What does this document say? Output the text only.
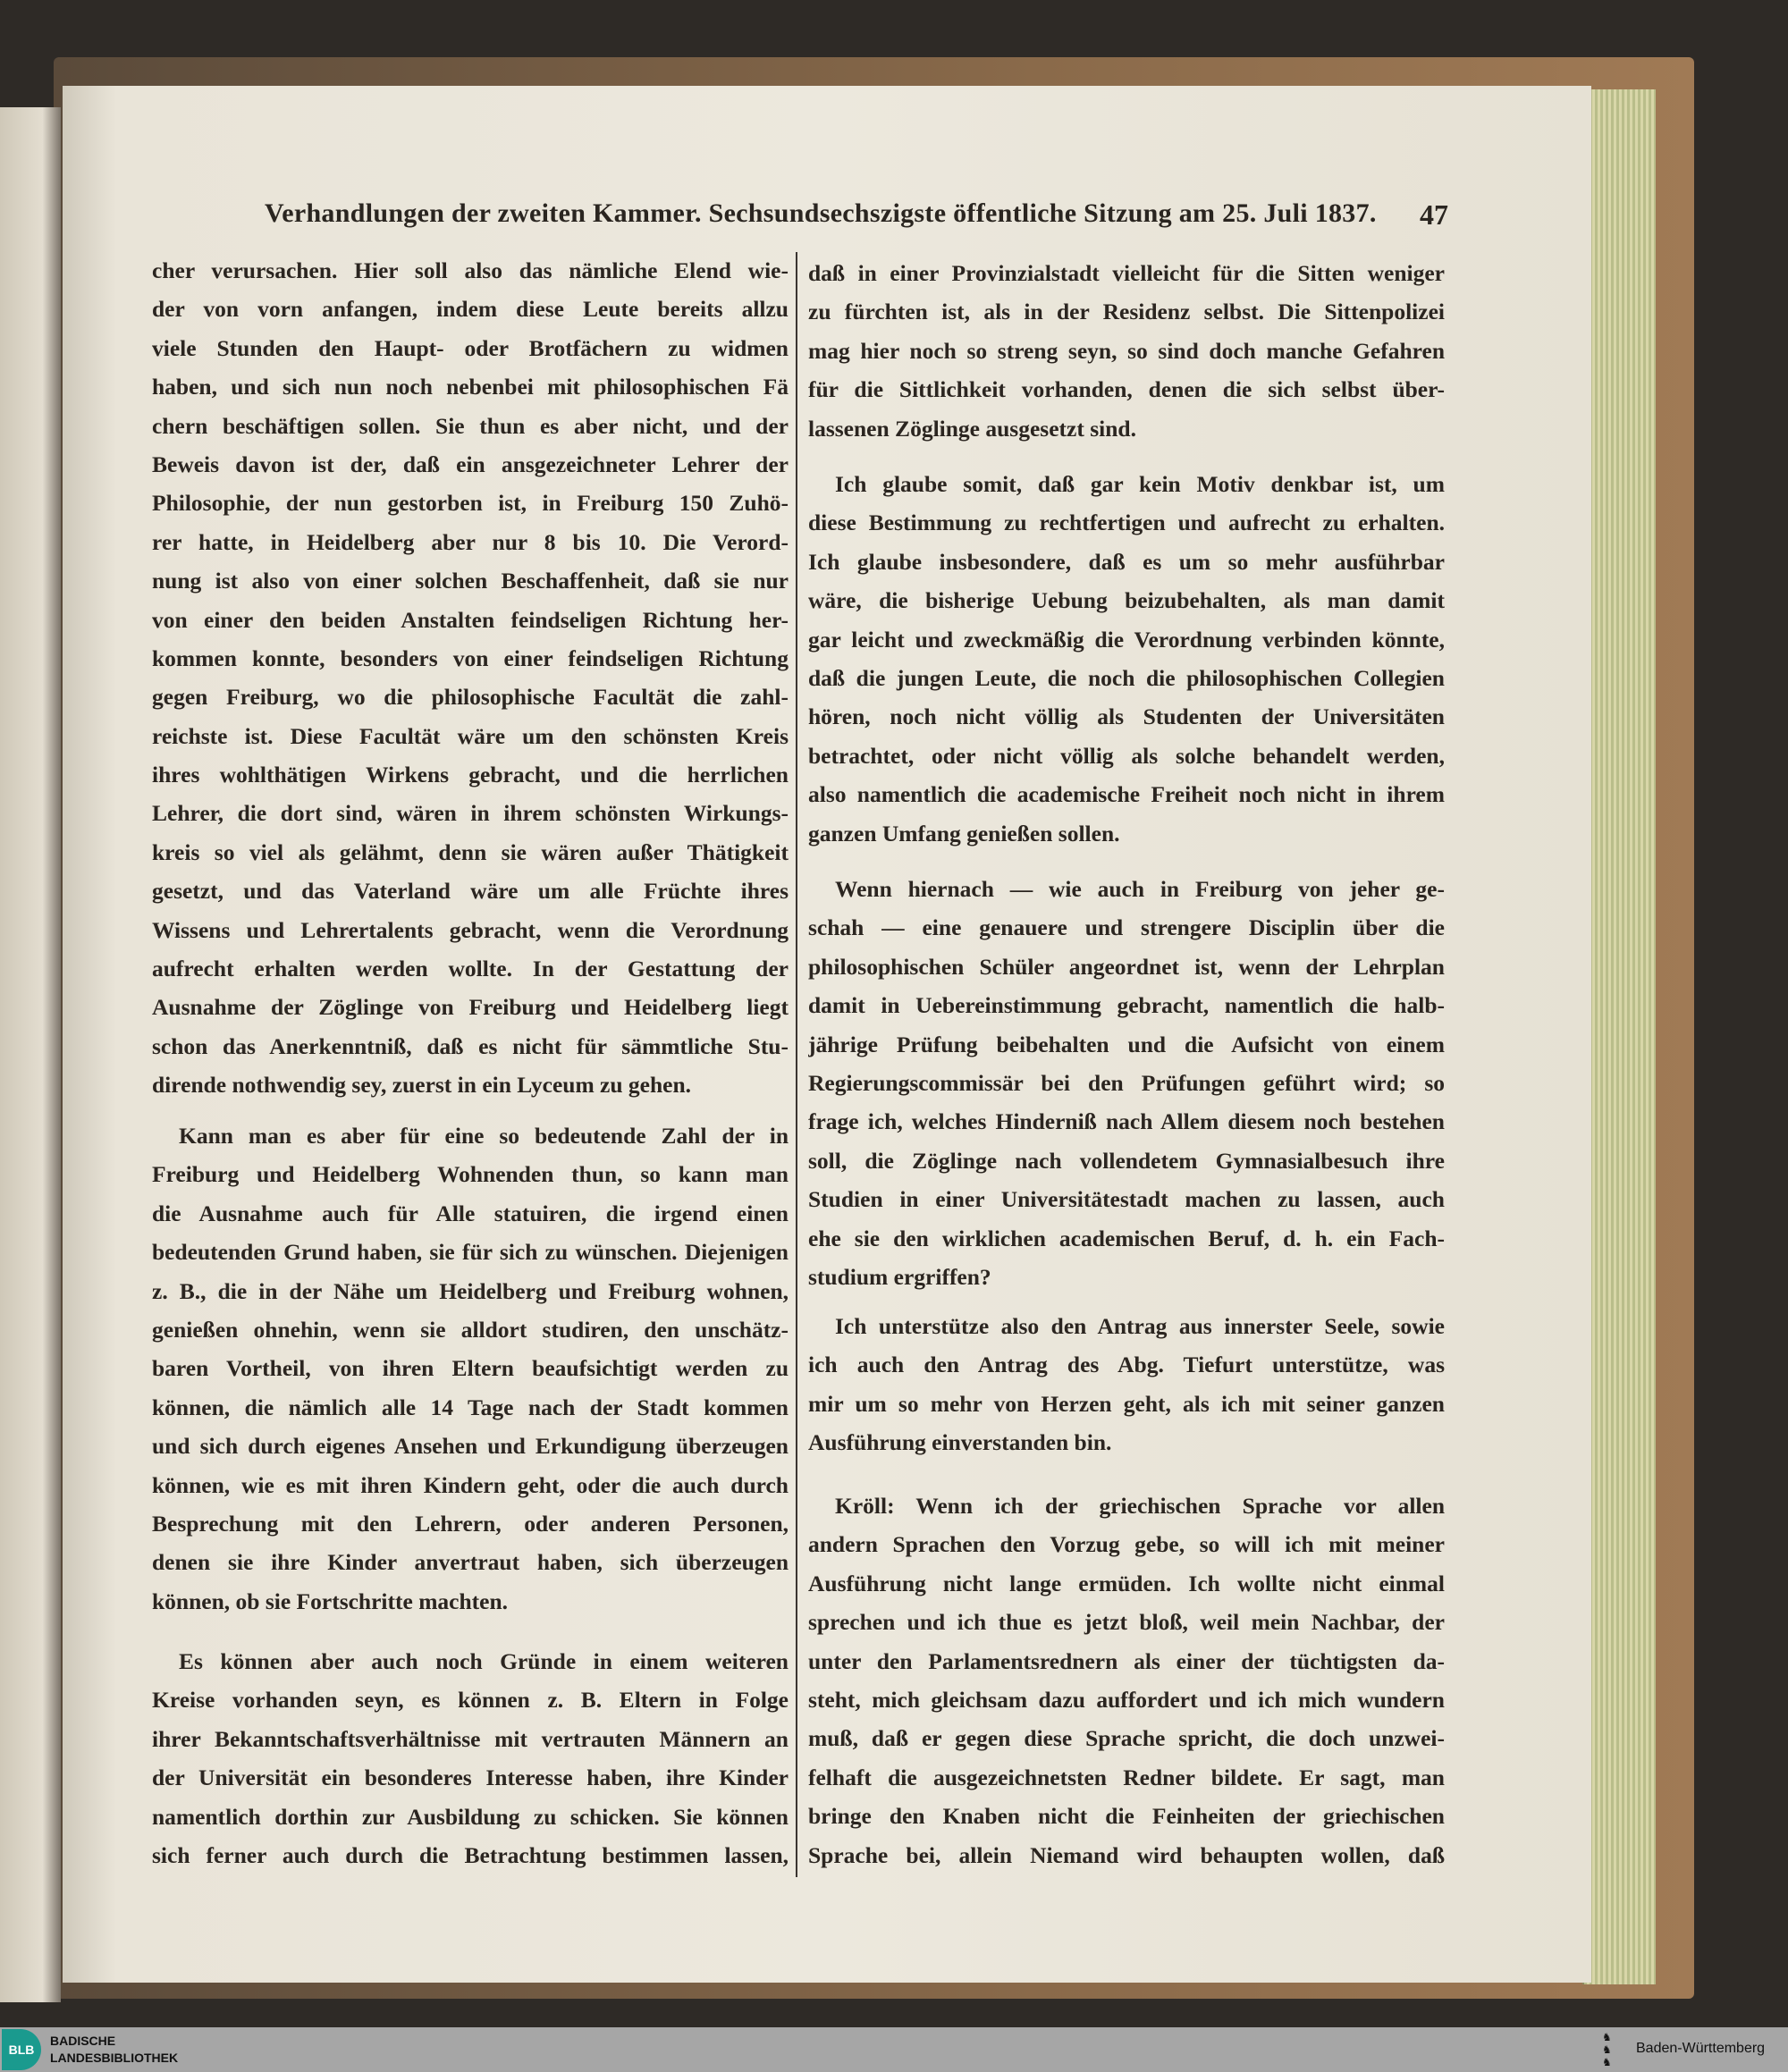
Verhandlungen der zweiten Kammer. Sechsundsechszigste öffentliche Sitzung am 25. Juli 1837. 47
cher verursachen. Hier soll also das nämliche Elend wie-
der von vorn anfangen, indem diese Leute bereits allzu
viele Stunden den Haupt- oder Brotfächern zu widmen
haben, und sich nun noch nebenbei mit philosophischen Fä
chern beschäftigen sollen. Sie thun es aber nicht, und der
Beweis davon ist der, daß ein ansgezeichneter Lehrer der
Philosophie, der nun gestorben ist, in Freiburg 150 Zuhö-
rer hatte, in Heidelberg aber nur 8 bis 10. Die Verord-
nung ist also von einer solchen Beschaffenheit, daß sie nur
von einer den beiden Anstalten feindseligen Richtung her-
kommen konnte, besonders von einer feindseligen Richtung
gegen Freiburg, wo die philosophische Facultät die zahl-
reichste ist. Diese Facultät wäre um den schönsten Kreis
ihres wohlthätigen Wirkens gebracht, und die herrlichen
Lehrer, die dort sind, wären in ihrem schönsten Wirkungs-
kreis so viel als gelähmt, denn sie wären außer Thätigkeit
gesetzt, und das Vaterland wäre um alle Früchte ihres
Wissens und Lehrertalents gebracht, wenn die Verordnung
aufrecht erhalten werden wollte. In der Gestattung der
Ausnahme der Zöglinge von Freiburg und Heidelberg liegt
schon das Anerkenntniß, daß es nicht für sämmtliche Stu-
dirende nothwendig sey, zuerst in ein Lyceum zu gehen.
Kann man es aber für eine so bedeutende Zahl der in
Freiburg und Heidelberg Wohnenden thun, so kann man
die Ausnahme auch für Alle statuiren, die irgend einen
bedeutenden Grund haben, sie für sich zu wünschen. Diejenigen
z. B., die in der Nähe um Heidelberg und Freiburg wohnen,
genießen ohnehin, wenn sie alldort studiren, den unschätz-
baren Vortheil, von ihren Eltern beaufsichtigt werden zu
können, die nämlich alle 14 Tage nach der Stadt kommen
und sich durch eigenes Ansehen und Erkundigung überzeugen
können, wie es mit ihren Kindern geht, oder die auch durch
Besprechung mit den Lehrern, oder anderen Personen,
denen sie ihre Kinder anvertraut haben, sich überzeugen
können, ob sie Fortschritte machten.
Es können aber auch noch Gründe in einem weiteren
Kreise vorhanden seyn, es können z. B. Eltern in Folge
ihrer Bekanntschaftsverhältnisse mit vertrauten Männern an
der Universität ein besonderes Interesse haben, ihre Kinder
namentlich dorthin zur Ausbildung zu schicken. Sie können
sich ferner auch durch die Betrachtung bestimmen lassen,
daß in einer Provinzialstadt vielleicht für die Sitten weniger
zu fürchten ist, als in der Residenz selbst. Die Sittenpolizei
mag hier noch so streng seyn, so sind doch manche Gefahren
für die Sittlichkeit vorhanden, denen die sich selbst über-
lassenen Zöglinge ausgesetzt sind.
Ich glaube somit, daß gar kein Motiv denkbar ist, um
diese Bestimmung zu rechtfertigen und aufrecht zu erhalten.
Ich glaube insbesondere, daß es um so mehr ausführbar
wäre, die bisherige Uebung beizubehalten, als man damit
gar leicht und zweckmäßig die Verordnung verbinden könnte,
daß die jungen Leute, die noch die philosophischen Collegien
hören, noch nicht völlig als Studenten der Universitäten
betrachtet, oder nicht völlig als solche behandelt werden,
also namentlich die academische Freiheit noch nicht in ihrem
ganzen Umfang genießen sollen.
Wenn hiernach — wie auch in Freiburg von jeher ge-
schah — eine genauere und strengere Disciplin über die
philosophischen Schüler angeordnet ist, wenn der Lehrplan
damit in Uebereinstimmung gebracht, namentlich die halb-
jährige Prüfung beibehalten und die Aufsicht von einem
Regierungscommissär bei den Prüfungen geführt wird; so
frage ich, welches Hinderniß nach Allem diesem noch bestehen
soll, die Zöglinge nach vollendetem Gymnasialbesuch ihre
Studien in einer Universitätestadt machen zu lassen, auch
ehe sie den wirklichen academischen Beruf, d. h. ein Fach-
studium ergriffen?
Ich unterstütze also den Antrag aus innerster Seele, sowie
ich auch den Antrag des Abg. Tiefurt unterstütze, was
mir um so mehr von Herzen geht, als ich mit seiner ganzen
Ausführung einverstanden bin.
Kröll: Wenn ich der griechischen Sprache vor allen
andern Sprachen den Vorzug gebe, so will ich mit meiner
Ausführung nicht lange ermüden. Ich wollte nicht einmal
sprechen und ich thue es jetzt bloß, weil mein Nachbar, der
unter den Parlamentsrednern als einer der tüchtigsten da-
steht, mich gleichsam dazu auffordert und ich mich wundern
muß, daß er gegen diese Sprache spricht, die doch unzwei-
felhaft die ausgezeichnetsten Redner bildete. Er sagt, man
bringe den Knaben nicht die Feinheiten der griechischen
Sprache bei, allein Niemand wird behaupten wollen, daß
BLB
BADISCHE
LANDESBIBLIOTHEK
♞
♞
♞
Baden-Württemberg
